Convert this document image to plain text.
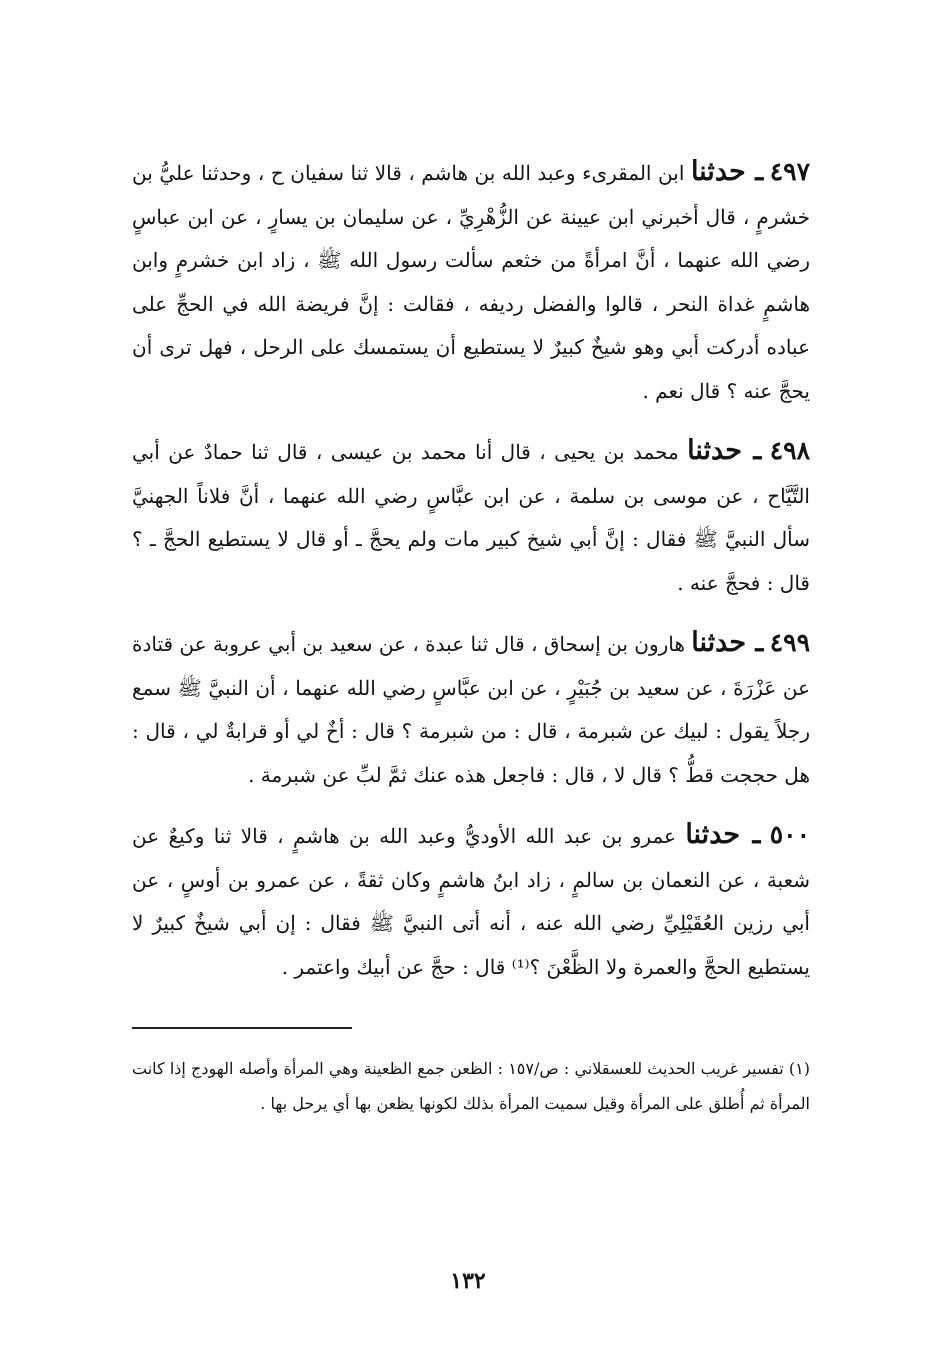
٤٩٧ ـ حدثنا ابن المقرىء وعبد الله بن هاشم ، قالا ثنا سفيان ح ، وحدثنا عليُّ بن خشرمٍ ، قال أخبرني ابن عيينة عن الزُّهْرِيِّ ، عن سليمان بن يسارٍ ، عن ابن عباسٍ رضي الله عنهما ، أنَّ امرأةً من خثعم سألت رسول الله ﷺ ، زاد ابن خشرمٍ وابن هاشمٍ غداة النحر ، قالوا والفضل رديفه ، فقالت : إنَّ فريضة الله في الحجِّ على عباده أدركت أبي وهو شيخٌ كبيرٌ لا يستطيع أن يستمسك على الرحل ، فهل ترى أن يحجَّ عنه ؟ قال نعم .

٤٩٨ ـ حدثنا محمد بن يحيى ، قال أنا محمد بن عيسى ، قال ثنا حمادٌ عن أبي التَّيَّاح ، عن موسى بن سلمة ، عن ابن عبَّاسٍ رضي الله عنهما ، أنَّ فلاناً الجهنيَّ سأل النبيَّ ﷺ فقال : إنَّ أبي شيخ كبير مات ولم يحجَّ ـ أو قال لا يستطيع الحجَّ ـ ؟ قال : فحجَّ عنه .

٤٩٩ ـ حدثنا هارون بن إسحاق ، قال ثنا عبدة ، عن سعيد بن أبي عروبة عن قتادة عن عَزْرَةَ ، عن سعيد بن جُبَيْرٍ ، عن ابن عبَّاسٍ رضي الله عنهما ، أن النبيَّ ﷺ سمع رجلاً يقول : لبيك عن شبرمة ، قال : من شبرمة ؟ قال : أخٌ لي أو قرابةٌ لي ، قال : هل حججت قطُّ ؟ قال لا ، قال : فاجعل هذه عنك ثمَّ لبِّ عن شبرمة .

٥٠٠ ـ حدثنا عمرو بن عبد الله الأوديُّ وعبد الله بن هاشمٍ ، قالا ثنا وكيعٌ عن شعبة ، عن النعمان بن سالمٍ ، زاد ابنُ هاشمٍ وكان ثقةً ، عن عمرو بن أوسٍ ، عن أبي رزين العُقَيْلِيِّ رضي الله عنه ، أنه أتى النبيَّ ﷺ فقال : إن أبي شيخٌ كبيرٌ لا يستطيع الحجَّ والعمرة ولا الظَّعْنَ ؟⁽¹⁾ قال : حجَّ عن أبيك واعتمر .

(١) تفسير غريب الحديث للعسقلاني : ص/١٥٧ : الظعن جمع الظعينة وهي المرأة وأصله الهودج إذا كانت المرأة ثم أُطلق على المرأة وقيل سميت المرأة بذلك لكونها يظعن بها أي يرحل بها .

١٣٢
